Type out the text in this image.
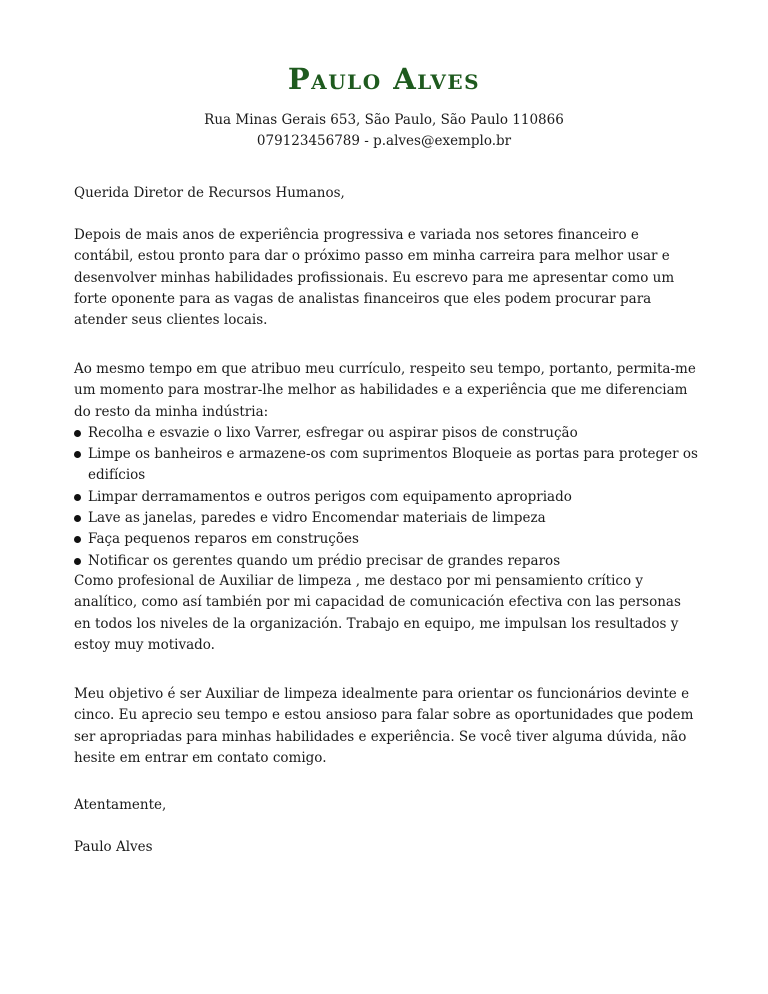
Paulo Alves
Rua Minas Gerais 653, São Paulo, São Paulo 110866
079123456789 - p.alves@exemplo.br

Querida Diretor de Recursos Humanos,

Depois de mais anos de experiência progressiva e variada nos setores financeiro e contábil, estou pronto para dar o próximo passo em minha carreira para melhor usar e desenvolver minhas habilidades profissionais. Eu escrevo para me apresentar como um forte oponente para as vagas de analistas financeiros que eles podem procurar para atender seus clientes locais.

Ao mesmo tempo em que atribuo meu currículo, respeito seu tempo, portanto, permita-me um momento para mostrar-lhe melhor as habilidades e a experiência que me diferenciam do resto da minha indústria:

Recolha e esvazie o lixo Varrer, esfregar ou aspirar pisos de construção
Limpe os banheiros e armazene-os com suprimentos Bloqueie as portas para proteger os edifícios
Limpar derramamentos e outros perigos com equipamento apropriado
Lave as janelas, paredes e vidro Encomendar materiais de limpeza
Faça pequenos reparos em construções
Notificar os gerentes quando um prédio precisar de grandes reparos

Como profesional de Auxiliar de limpeza , me destaco por mi pensamiento crítico y analítico, como así también por mi capacidad de comunicación efectiva con las personas en todos los niveles de la organización. Trabajo en equipo, me impulsan los resultados y estoy muy motivado.

Meu objetivo é ser Auxiliar de limpeza idealmente para orientar os funcionários devinte e cinco. Eu aprecio seu tempo e estou ansioso para falar sobre as oportunidades que podem ser apropriadas para minhas habilidades e experiência. Se você tiver alguma dúvida, não hesite em entrar em contato comigo.

Atentamente,

Paulo Alves
